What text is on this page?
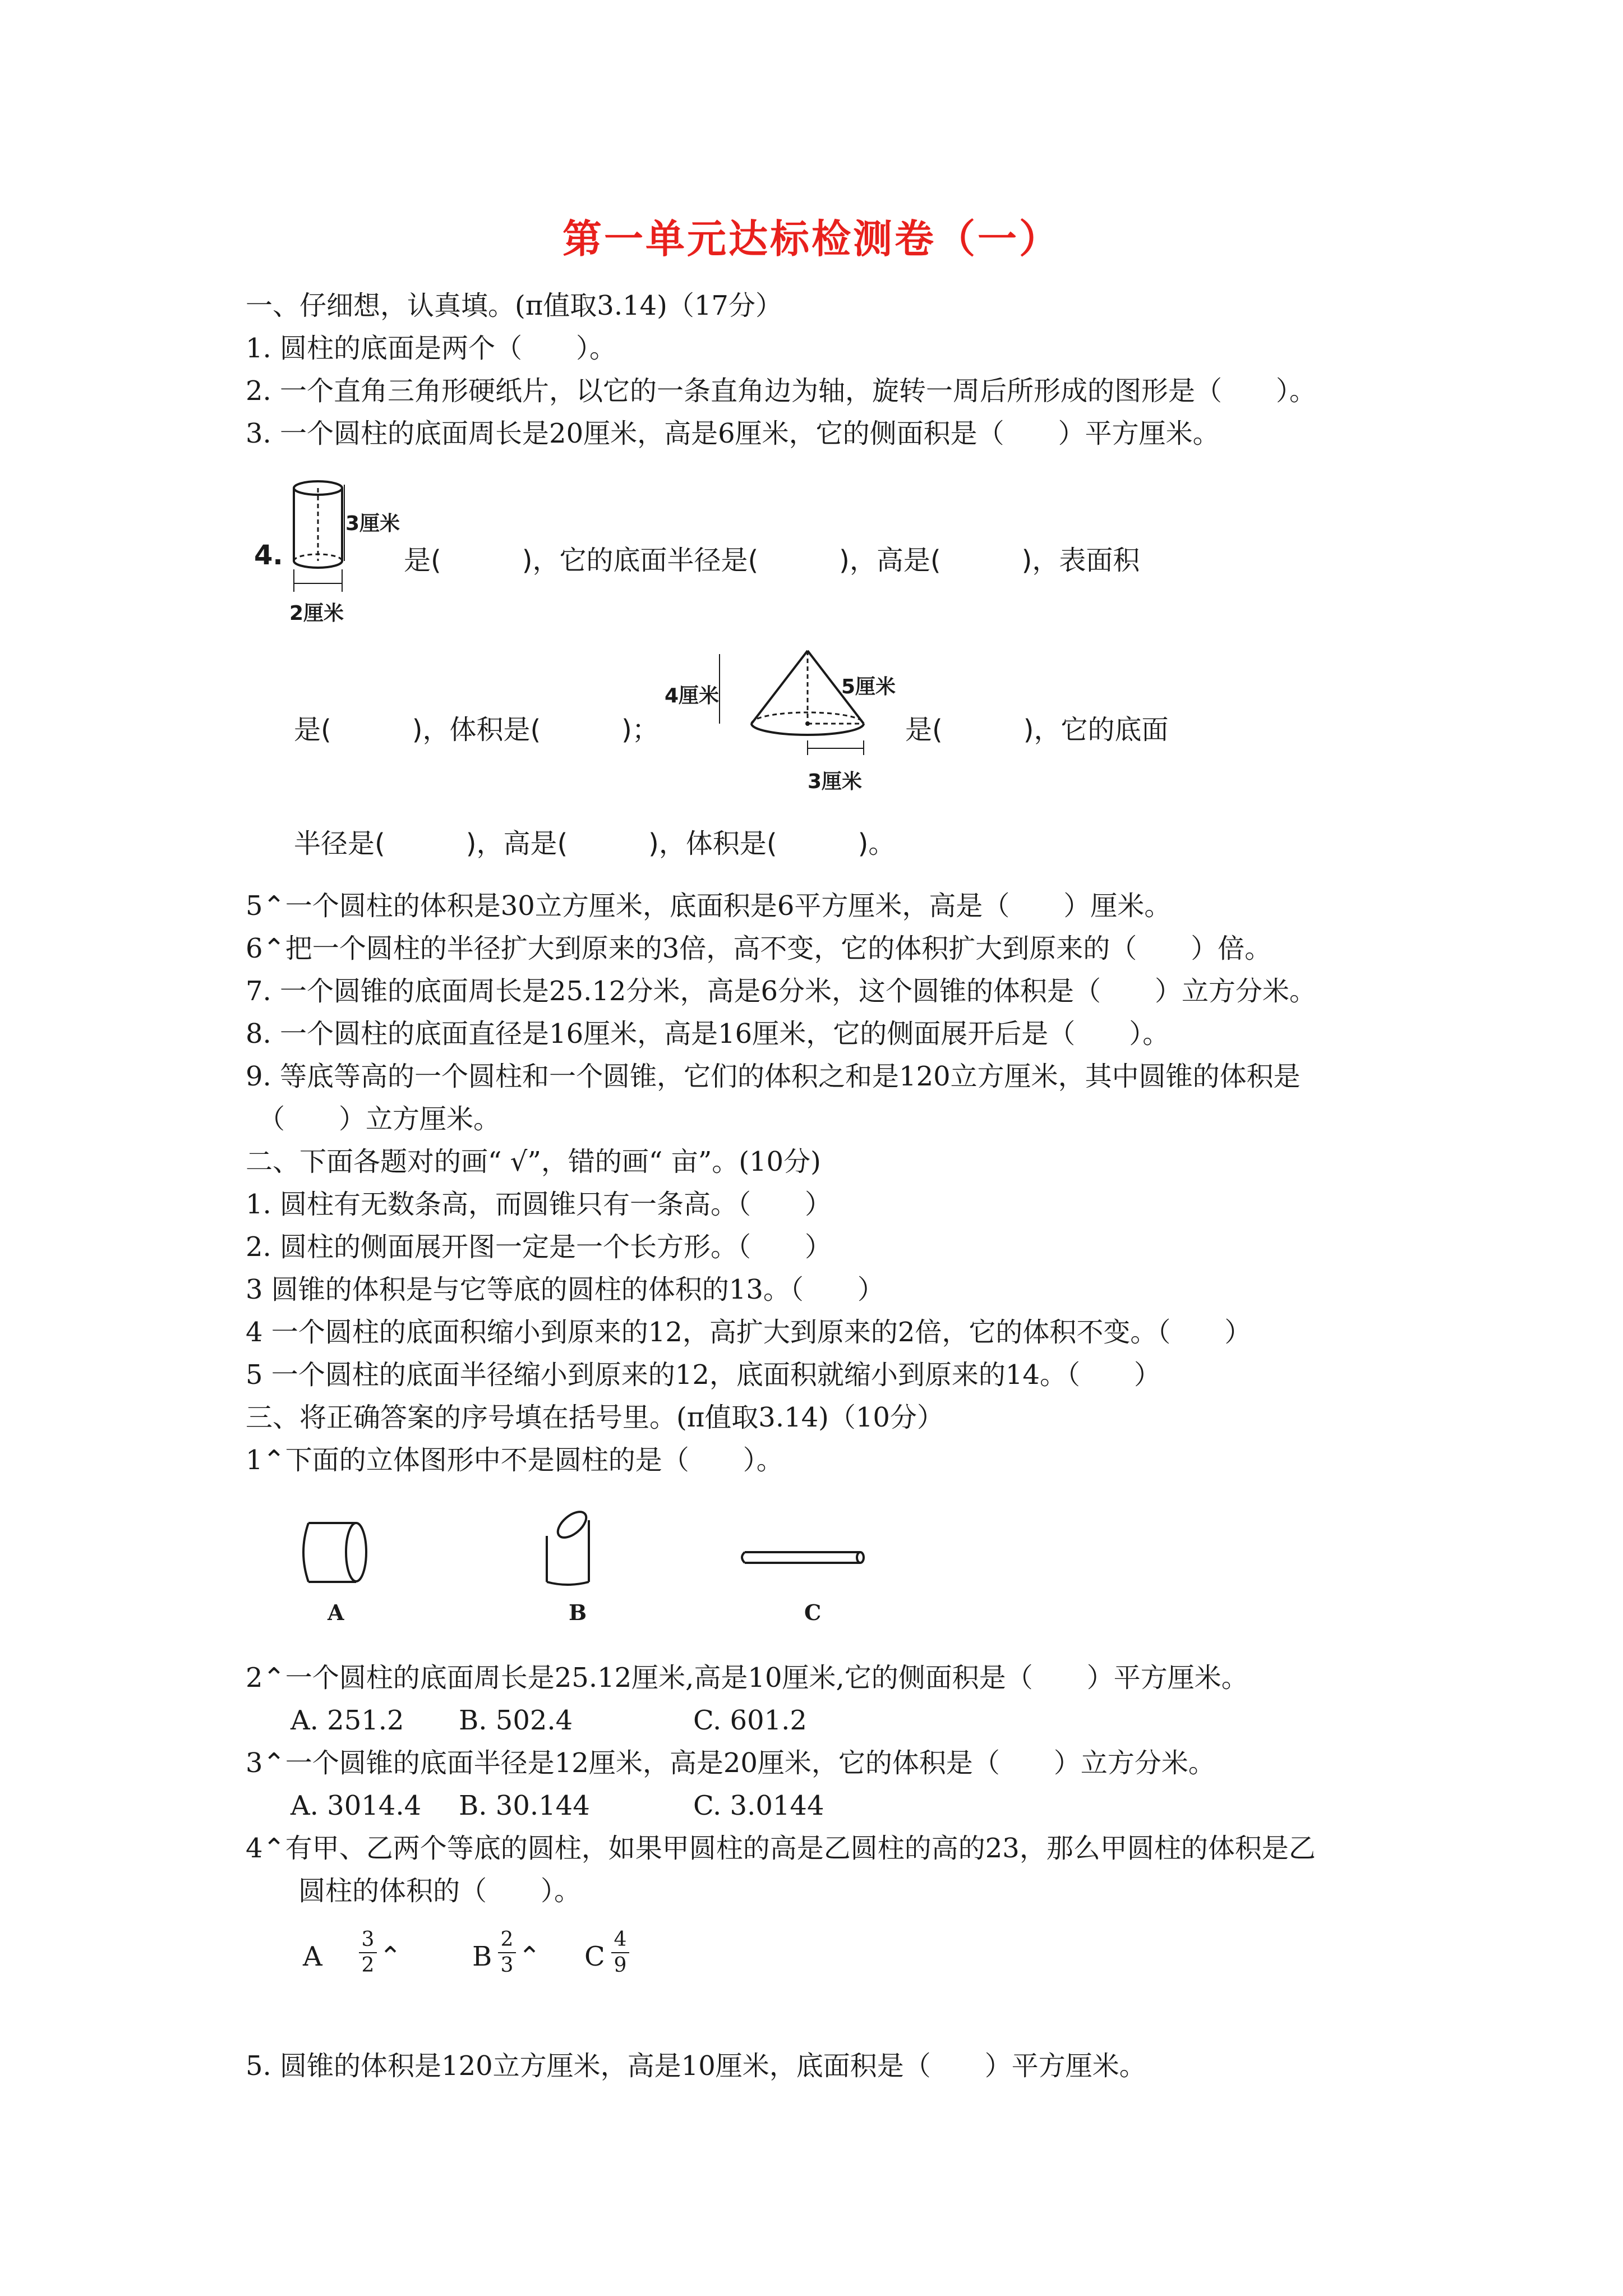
第一单元达标检测卷（一）
一、仔细想，认真填。(π值取3.14)（17分）
1. 圆柱的底面是两个（　　）。
2. 一个直角三角形硬纸片，以它的一条直角边为轴，旋转一周后所形成的图形是（　　）。
3. 一个圆柱的底面周长是20厘米，高是6厘米，它的侧面积是（　　）平方厘米。
4.
3厘米
2厘米
是(　　　)，它的底面半径是(　　　)，高是(　　　)，表面积
是(　　　)，体积是(　　　)；
4厘米	5厘米
3厘米
是(　　　)，它的底面
半径是(　　　)，高是(　　　)，体积是(　　　)。
5⌃一个圆柱的体积是30立方厘米，底面积是6平方厘米，高是（　　）厘米。
6⌃把一个圆柱的半径扩大到原来的3倍，高不变，它的体积扩大到原来的（　　）倍。
7. 一个圆锥的底面周长是25.12分米，高是6分米，这个圆锥的体积是（　　）立方分米。
8. 一个圆柱的底面直径是16厘米，高是16厘米，它的侧面展开后是（　　）。
9. 等底等高的一个圆柱和一个圆锥，它们的体积之和是120立方厘米，其中圆锥的体积是
（　　）立方厘米。
二、下面各题对的画“ √”，错的画“ 亩”。(10分)
1. 圆柱有无数条高，而圆锥只有一条高。（　　）
2. 圆柱的侧面展开图一定是一个长方形。（　　）
3 圆锥的体积是与它等底的圆柱的体积的13。（　　）
4 一个圆柱的底面积缩小到原来的12，高扩大到原来的2倍，它的体积不变。（　　）
5 一个圆柱的底面半径缩小到原来的12，底面积就缩小到原来的14。（　　）
三、将正确答案的序号填在括号里。(π值取3.14)（10分）
1⌃下面的立体图形中不是圆柱的是（　　）。
A	B	C
2⌃一个圆柱的底面周长是25.12厘米,高是10厘米,它的侧面积是（　　）平方厘米。
A. 251.2 B. 502.4	C. 601.2
3⌃一个圆锥的底面半径是12厘米，高是20厘米，它的体积是（　　）立方分米。
A. 3014.4 B. 30.144	C. 3.0144
4⌃有甲、乙两个等底的圆柱，如果甲圆柱的高是乙圆柱的高的23，那么甲圆柱的体积是乙
圆柱的体积的（　　）。
A
3
2 ⌃	B
2
3 ⌃ C
4
9
5. 圆锥的体积是120立方厘米，高是10厘米，底面积是（　　）平方厘米。
